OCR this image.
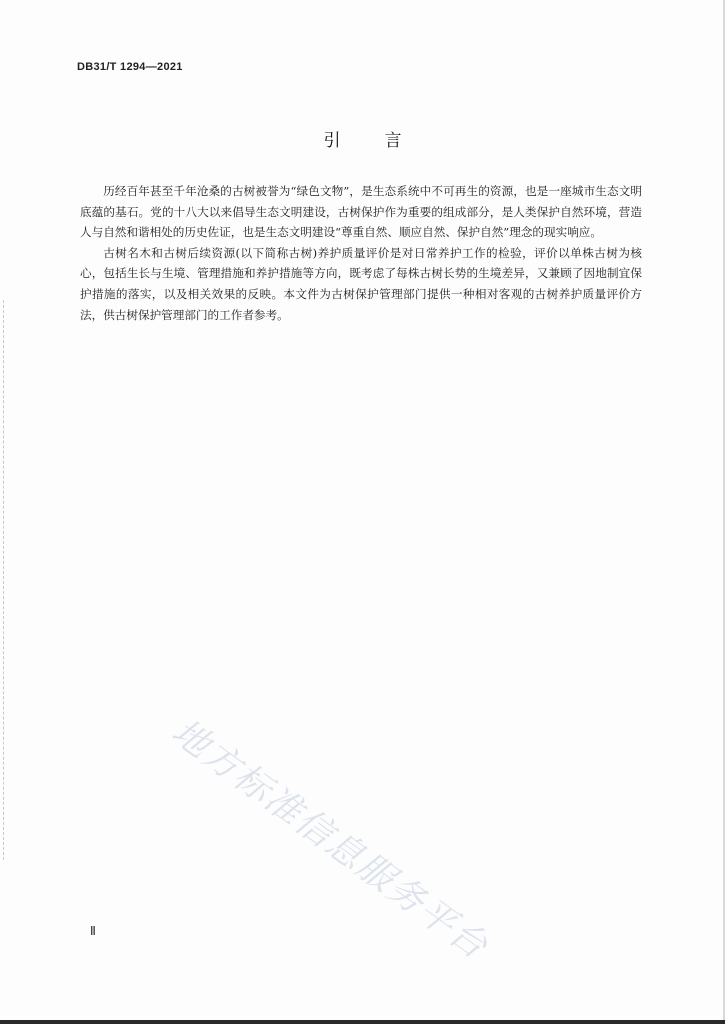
DB31/T 1294—2021
引言

历经百年甚至千年沧桑的古树被誉为“绿色文物”，是生态系统中不可再生的资源，也是一座城市生态文明底蕴的基石。党的十八大以来倡导生态文明建设，古树保护作为重要的组成部分，是人类保护自然环境，营造人与自然和谐相处的历史佐证，也是生态文明建设“尊重自然、顺应自然、保护自然”理念的现实响应。

古树名木和古树后续资源(以下简称古树)养护质量评价是对日常养护工作的检验，评价以单株古树为核心，包括生长与生境、管理措施和养护措施等方向，既考虑了每株古树长势的生境差异，又兼顾了因地制宜保护措施的落实，以及相关效果的反映。本文件为古树保护管理部门提供一种相对客观的古树养护质量评价方法，供古树保护管理部门的工作者参考。

地方标准信息服务平台
Ⅱ
